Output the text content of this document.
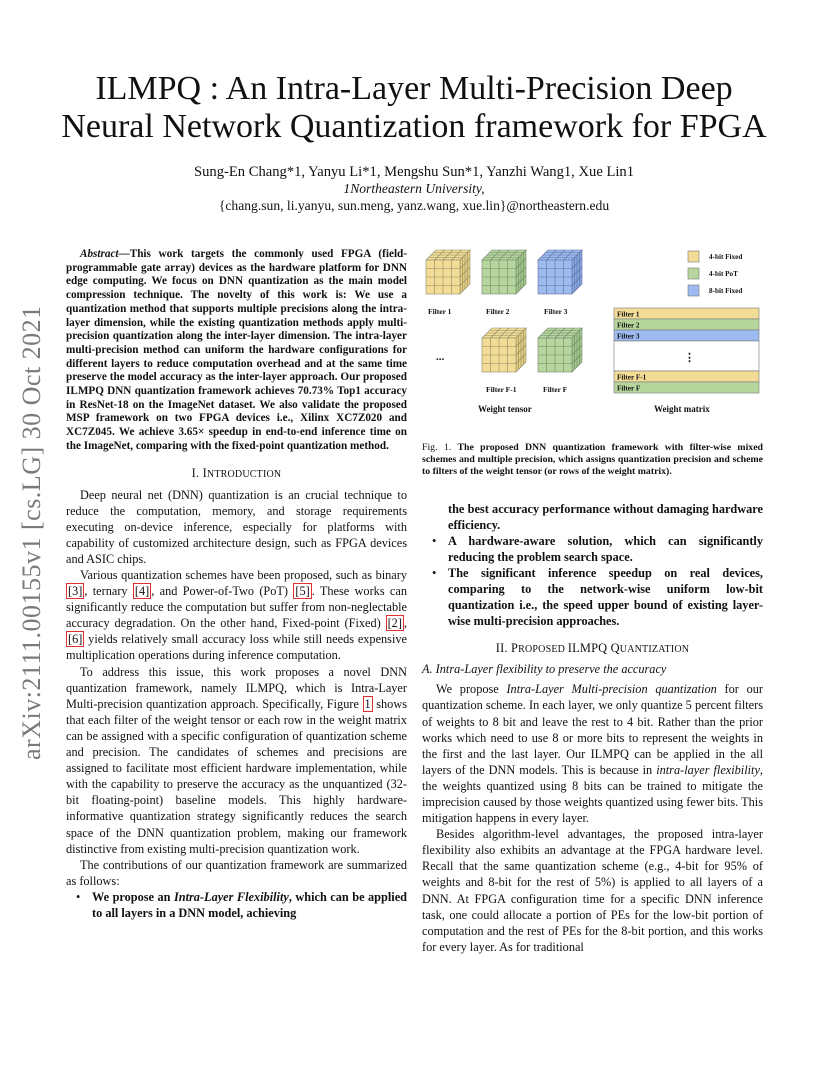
arXiv:2111.00155v1 [cs.LG] 30 Oct 2021
ILMPQ : An Intra-Layer Multi-Precision Deep
Neural Network Quantization framework for FPGA
Sung-En Chang*1, Yanyu Li*1, Mengshu Sun*1, Yanzhi Wang1, Xue Lin1
1Northeastern University,
{chang.sun, li.yanyu, sun.meng, yanz.wang, xue.lin}@northeastern.edu

Abstract—This work targets the commonly used FPGA (field-programmable gate array) devices as the hardware platform for DNN edge computing. We focus on DNN quantization as the main model compression technique. The novelty of this work is: We use a quantization method that supports multiple precisions along the intra-layer dimension, while the existing quantization methods apply multi-precision quantization along the inter-layer dimension. The intra-layer multi-precision method can uniform the hardware configurations for different layers to reduce computation overhead and at the same time preserve the model accuracy as the inter-layer approach. Our proposed ILMPQ DNN quantization framework achieves 70.73% Top1 accuracy in ResNet-18 on the ImageNet dataset. We also validate the proposed MSP framework on two FPGA devices i.e., Xilinx XC7Z020 and XC7Z045. We achieve 3.65× speedup in end-to-end inference time on the ImageNet, comparing with the fixed-point quantization method.

I. INTRODUCTION

Deep neural net (DNN) quantization is an crucial technique to reduce the computation, memory, and storage requirements executing on-device inference, especially for platforms with capability of customized architecture design, such as FPGA devices and ASIC chips.

Various quantization schemes have been proposed, such as binary [3] , ternary [4] , and Power-of-Two (PoT) [5] . These works can significantly reduce the computation but suffer from non-neglectable accuracy degradation. On the other hand, Fixed-point (Fixed) [2] , [6] yields relatively small accuracy loss while still needs expensive multiplication operations during inference computation.

To address this issue, this work proposes a novel DNN quantization framework, namely ILMPQ, which is Intra-Layer Multi-precision quantization approach. Specifically, Figure 1 shows that each filter of the weight tensor or each row in the weight matrix can be assigned with a specific configuration of quantization scheme and precision. The candidates of schemes and precisions are assigned to facilitate most efficient hardware implementation, while with the capability to preserve the accuracy as the unquantized (32-bit floating-point) baseline models. This highly hardware-informative quantization strategy significantly reduces the search space of the DNN quantization problem, making our framework distinctive from existing multi-precision quantization work.

The contributions of our quantization framework are summarized as follows:

• We propose an Intra-Layer Flexibility, which can be applied to all layers in a DNN model, achieving
Filter 1	Filter 2	Filter 3
...
Filter F-1	Filter F
Weight tensor
4-bit Fixed
4-bit PoT
8-bit Fixed
Filter 1
Filter 2
Filter 3
⋮
Filter F-1
Filter F
Weight matrix

Fig. 1. The proposed DNN quantization framework with filter-wise mixed schemes and multiple precision, which assigns quantization precision and scheme to filters of the weight tensor (or rows of the weight matrix).

the best accuracy performance without damaging hardware efficiency.
• A hardware-aware solution, which can significantly reducing the problem search space.
• The significant inference speedup on real devices, comparing to the network-wise uniform low-bit quantization i.e., the speed upper bound of existing layer-wise multi-precision approaches.
II. PROPOSED ILMPQ QUANTIZATION
A. Intra-Layer flexibility to preserve the accuracy

We propose Intra-Layer Multi-precision quantization for our quantization scheme. In each layer, we only quantize 5 percent filters of weights to 8 bit and leave the rest to 4 bit. Rather than the prior works which need to use 8 or more bits to represent the weights in the first and the last layer. Our ILMPQ can be applied in the all layers of the DNN models. This is because in intra-layer flexibility, the weights quantized using 8 bits can be trained to mitigate the imprecision caused by those weights quantized using fewer bits. This mitigation happens in every layer.

Besides algorithm-level advantages, the proposed intra-layer flexibility also exhibits an advantage at the FPGA hardware level. Recall that the same quantization scheme (e.g., 4-bit for 95% of weights and 8-bit for the rest of 5%) is applied to all layers of a DNN. At FPGA configuration time for a specific DNN inference task, one could allocate a portion of PEs for the low-bit portion of computation and the rest of PEs for the 8-bit portion, and this works for every layer. As for traditional
